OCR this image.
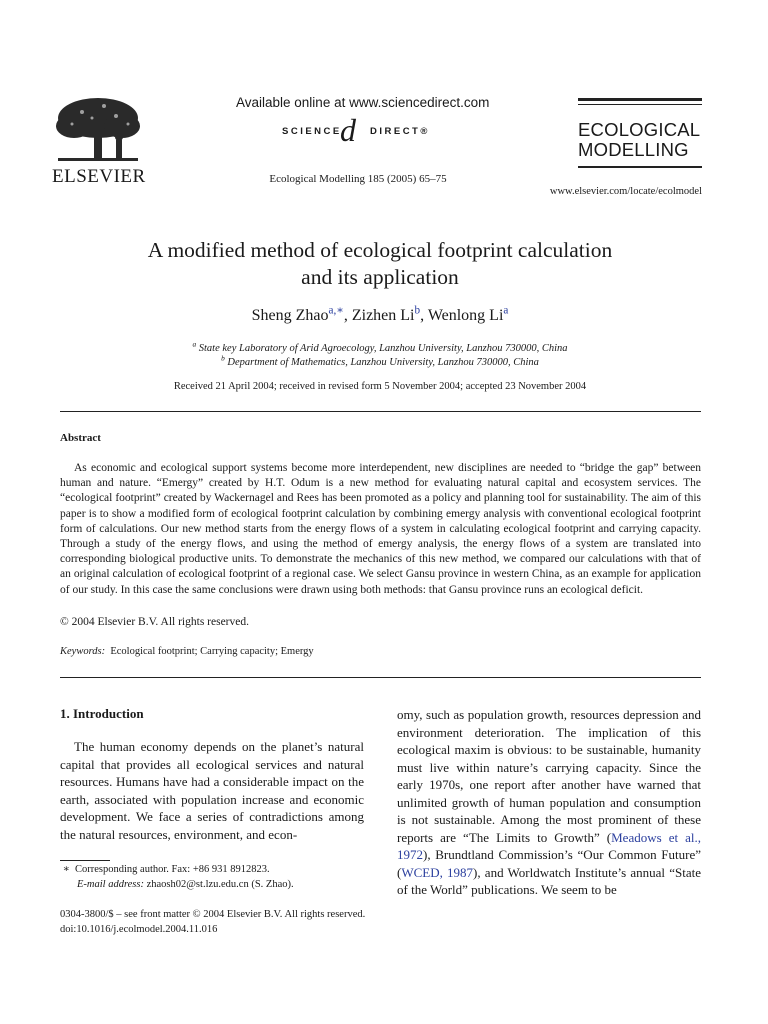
ELSEVIER
Available online at www.sciencedirect.com
SCIENCE
d DIRECT®
Ecological Modelling 185 (2005) 65–75
ECOLOGICAL
MODELLING
www.elsevier.com/locate/ecolmodel
A modified method of ecological footprint calculation
and its application
Sheng Zhao$^{a,∗}$, Zizhen Li$^b$, Wenlong Li$^a$
$^a$ State key Laboratory of Arid Agroecology, Lanzhou University, Lanzhou 730000, China
$^b$ Department of Mathematics, Lanzhou University, Lanzhou 730000, China
Received 21 April 2004; received in revised form 5 November 2004; accepted 23 November 2004
Abstract

As economic and ecological support systems become more interdependent, new disciplines are needed to “bridge the gap” between human and nature. “Emergy” created by H.T. Odum is a new method for evaluating natural capital and ecosystem services. The “ecological footprint” created by Wackernagel and Rees has been promoted as a policy and planning tool for sustainability. The aim of this paper is to show a modified form of ecological footprint calculation by combining emergy analysis with conventional ecological footprint form of calculations. Our new method starts from the energy flows of a system in calculating ecological footprint and carrying capacity. Through a study of the energy flows, and using the method of emergy analysis, the energy flows of a system are translated into corresponding biological productive units. To demonstrate the mechanics of this new method, we compared our calculations with that of an original calculation of ecological footprint of a regional case. We select Gansu province in western China, as an example for application of our study. In this case the same conclusions were drawn using both methods: that Gansu province runs an ecological deficit.

© 2004 Elsevier B.V. All rights reserved.
Keywords: Ecological footprint; Carrying capacity; Emergy
1. Introduction

The human economy depends on the planet’s natural capital that provides all ecological services and natural resources. Humans have had a considerable impact on the earth, associated with population increase and economic development. We face a series of contradictions among the natural resources, environment, and econ-

omy, such as population growth, resources depression and environment deterioration. The implication of this ecological maxim is obvious: to be sustainable, humanity must live within nature’s carrying capacity. Since the early 1970s, one report after another have warned that unlimited growth of human population and consumption is not sustainable. Among the most prominent of these reports are “The Limits to Growth” (Meadows et al., 1972), Brundtland Commission’s “Our Common Future” (WCED, 1987), and Worldwatch Institute’s annual “State of the World” publications. We seem to be

∗ Corresponding author. Fax: +86 931 8912823.
E-mail address: zhaosh02@st.lzu.edu.cn (S. Zhao).
0304-3800/$ – see front matter © 2004 Elsevier B.V. All rights reserved.
doi:10.1016/j.ecolmodel.2004.11.016
